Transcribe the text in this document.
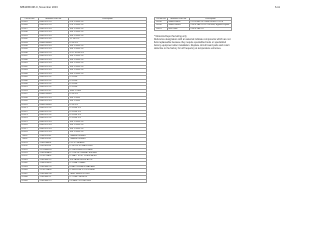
6881095C98-O, November 2003	6-11
Circuit Ref	Motorola Part No.	Description
R5425	0662057C10	47K 1/16W 5%
R5426	0662057C10	47K 1/16W 5%
R5427	0662057C63	10K 1/16W 5%
R5430	0662057C63	10K 1/16W 5%
R5431	0662057C63	10K 1/16W 5%
R5432	0662057C89	12 1W 5%
R5433	0680149M02	0 1W 5%
R5434	0662057C63	10K 1/16W 5%
R5435	0662057C63	10K 1/16W 5%
R5436	0662057C55	4.7K 1/16W 5%
R5437	0662057C63	10K 1/16W 5%
R5440	0662057C63	10K 1/16W 5%
R5441	0662057C63	10K 1/16W 5%
R5442	0662057C63	10K 1/16W 5%
R5443	0662057C63	10K 1/16W 5%
R5444	0662057C63	10K 1/16W 5%
R5445	0662057C01	0 1/16W
R5446	0662057C01	0 1/16W
R5450	0662057C01	0 1/16W
R5451	0662057C01	0 1/16W
R5453	0662057C87	100K 1/16W
R5457	0680149M02	0 1W 5%
R5458	0662057C63	10K 1/16W
R5459	0662057C63	10K 1/16W
R5470	0680149M02	0 1W 5%
R5471	0662057C01	0 1/16W 5%
R5472	0662057C01	0 1/16W 5%
R5473	0662057C01	0 1/16W 5%
R5474	0662057C01	0 1/16W 5%
R5475	0662057C63	10K 1/16W 5%
R5476	0662057C63	10K 1/16W 5%
R5477	0662057C63	10K 1/16W 5%
R5478	0662057C63	10K 1/16W 5%
T5001	2580541Z01	TRANSFORMER
T5002	2580541Z01	TRANSFORMER
U5101	5185148B01	PLL IC SM ASIC
U5102	5102463J99	IC MTRX RX BACK END
U5110	5171888G05	IC REG HIGH VOLTAGE
U5201	5185963A39	IC TRIPLE THREAT BUFFER
U5211	5170170A02	IC BATT ID HY PRESCALER
U5401	5185368C31	VOLTAGE REGULATOR
U5402	5164015H01	IC DUAL OPAMP
U5403	5185368C99	DUAL OPERATIONAL AMP
U5405	5170170A03	IC EEPROM 2.5 VOLTAGE
U5407	5185368C08	TEMP SENSOR UNIT
U5408	5185368C11	IC TEMP SENSOR
U5409	5185368C19	OP-AMP 18 LINE IN/W
Circuit Ref	Motorola Part No.	Description
Y5100	4880118M01	CRYSTAL-19.2 MHz SUBSTITUTE
Y5200	4880124M05	OSCILLATOR 32.768 kHz, Bypass crystal
Y5401	Not Used	OSCILLATOR

* Motorola Depot Servicing only

Reference designators with an asterisk indicate components which are not field-replaceable because they require specialized tools or specialized factory equipment after installation. Replace circuit board parts and return defective to the factory for all frequency at temperature extremes.
